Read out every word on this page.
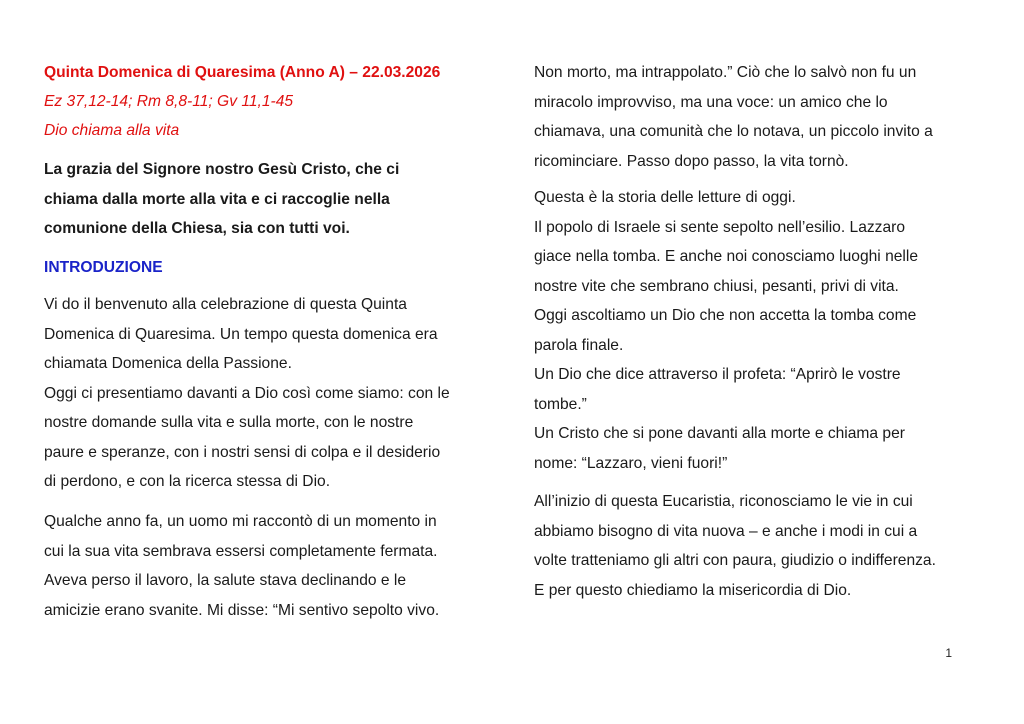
Quinta Domenica di Quaresima (Anno A) – 22.03.2026

Ez 37,12-14; Rm 8,8-11; Gv 11,1-45

Dio chiama alla vita

La grazia del Signore nostro Gesù Cristo, che ci

chiama dalla morte alla vita e ci raccoglie nella

comunione della Chiesa, sia con tutti voi.

INTRODUZIONE

Vi do il benvenuto alla celebrazione di questa Quinta

Domenica di Quaresima. Un tempo questa domenica era

chiamata Domenica della Passione.

Oggi ci presentiamo davanti a Dio così come siamo: con le

nostre domande sulla vita e sulla morte, con le nostre

paure e speranze, con i nostri sensi di colpa e il desiderio

di perdono, e con la ricerca stessa di Dio.

Qualche anno fa, un uomo mi raccontò di un momento in

cui la sua vita sembrava essersi completamente fermata.

Aveva perso il lavoro, la salute stava declinando e le

amicizie erano svanite. Mi disse: “Mi sentivo sepolto vivo.

Non morto, ma intrappolato.” Ciò che lo salvò non fu un

miracolo improvviso, ma una voce: un amico che lo

chiamava, una comunità che lo notava, un piccolo invito a

ricominciare. Passo dopo passo, la vita tornò.

Questa è la storia delle letture di oggi.

Il popolo di Israele si sente sepolto nell’esilio. Lazzaro

giace nella tomba. E anche noi conosciamo luoghi nelle

nostre vite che sembrano chiusi, pesanti, privi di vita.

Oggi ascoltiamo un Dio che non accetta la tomba come

parola finale.

Un Dio che dice attraverso il profeta: “Aprirò le vostre

tombe.”

Un Cristo che si pone davanti alla morte e chiama per

nome: “Lazzaro, vieni fuori!”

All’inizio di questa Eucaristia, riconosciamo le vie in cui

abbiamo bisogno di vita nuova – e anche i modi in cui a

volte tratteniamo gli altri con paura, giudizio o indifferenza.

E per questo chiediamo la misericordia di Dio.

1
